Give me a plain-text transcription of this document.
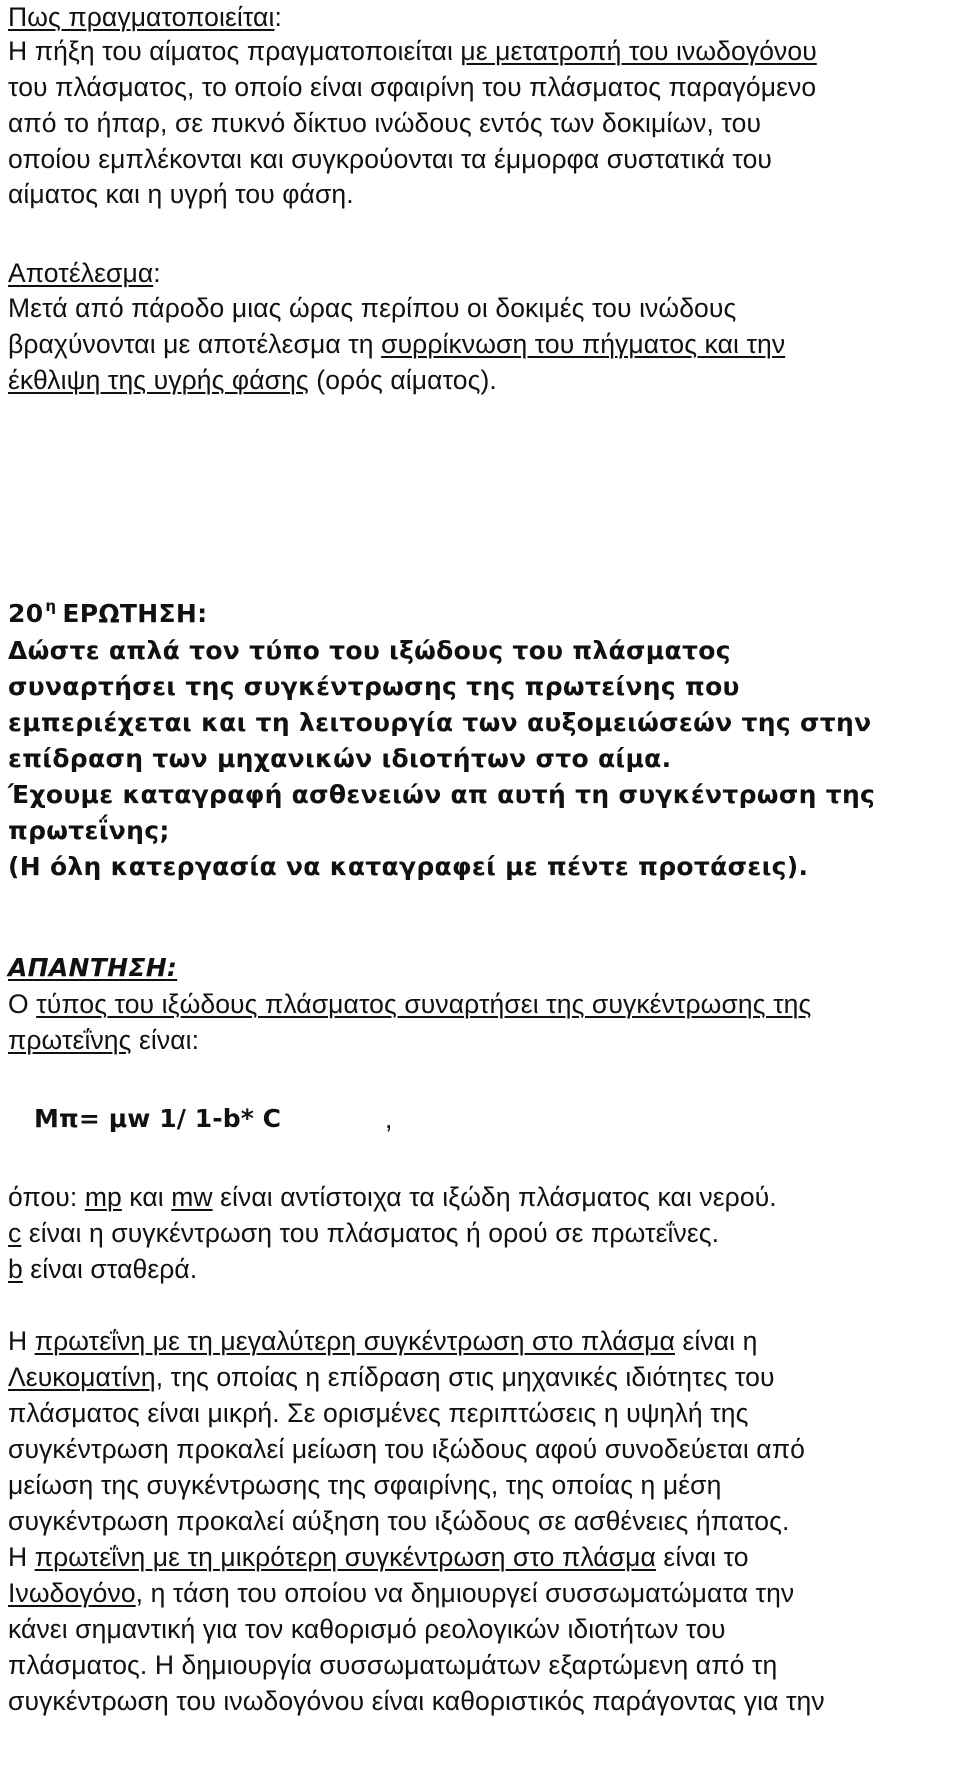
Πως πραγματοποιείται:
Η πήξη του αίματος πραγματοποιείται με μετατροπή του ινωδογόνου
του πλάσματος, το οποίο είναι σφαιρίνη του πλάσματος παραγόμενο
από το ήπαρ, σε πυκνό δίκτυο ινώδους εντός των δοκιμίων, του
οποίου εμπλέκονται και συγκρούονται τα έμμορφα συστατικά του
αίματος και η υγρή του φάση.
Αποτέλεσμα:
Μετά από πάροδο μιας ώρας περίπου οι δοκιμές του ινώδους
βραχύνονται με αποτέλεσμα τη συρρίκνωση του πήγματος και την
έκθλιψη της υγρής φάσης (ορός αίματος).
20 $^\eta$ ΕΡΩΤΗΣΗ:
Δώστε απλά τον τύπο του ιξώδους του πλάσματος
συναρτήσει της συγκέντρωσης της πρωτείνης που
εμπεριέχεται και τη λειτουργία των αυξομειώσεών της στην
επίδραση των μηχανικών ιδιοτήτων στο αίμα.
Έχουμε καταγραφή ασθενειών απ αυτή τη συγκέντρωση της
πρωτεΐνης;
(Η όλη κατεργασία να καταγραφεί με πέντε προτάσεις).
ΑΠΑΝΤΗΣΗ:
Ο τύπος του ιξώδους πλάσματος συναρτήσει της συγκέντρωσης της
πρωτεΐνης είναι:
Μπ= μw 1/ 1-b* C	,
όπου: mp και mw είναι αντίστοιχα τα ιξώδη πλάσματος και νερού.
c είναι η συγκέντρωση του πλάσματος ή ορού σε πρωτεΐνες.
b είναι σταθερά.
Η πρωτεΐνη με τη μεγαλύτερη συγκέντρωση στο πλάσμα είναι η
Λευκοματίνη, της οποίας η επίδραση στις μηχανικές ιδιότητες του
πλάσματος είναι μικρή. Σε ορισμένες περιπτώσεις η υψηλή της
συγκέντρωση προκαλεί μείωση του ιξώδους αφού συνοδεύεται από
μείωση της συγκέντρωσης της σφαιρίνης, της οποίας η μέση
συγκέντρωση προκαλεί αύξηση του ιξώδους σε ασθένειες ήπατος.
Η πρωτεΐνη με τη μικρότερη συγκέντρωση στο πλάσμα είναι το
Ινωδογόνο, η τάση του οποίου να δημιουργεί συσσωματώματα την
κάνει σημαντική για τον καθορισμό ρεολογικών ιδιοτήτων του
πλάσματος. Η δημιουργία συσσωματωμάτων εξαρτώμενη από τη
συγκέντρωση του ινωδογόνου είναι καθοριστικός παράγοντας για την
